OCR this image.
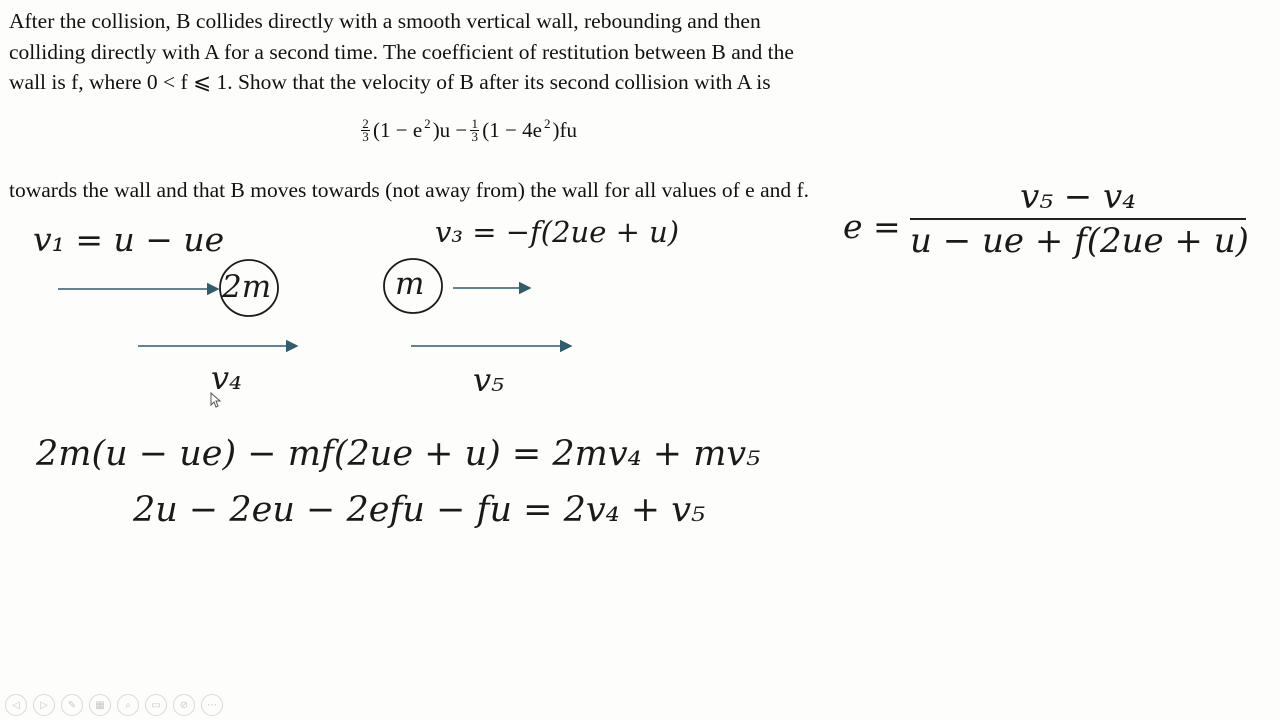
After the collision, B collides directly with a smooth vertical wall, rebounding and then

colliding directly with A for a second time. The coefficient of restitution between B and the

wall is f, where 0 < f ⩽ 1. Show that the velocity of B after its second collision with A is

$\frac{2}{3} (1 - e$ 2 )$u - \frac{1}{3} (1 - 4e$ 2 )fu
towards the wall and that B moves towards (not away from) the wall for all values of e and f.
v₁ = u − ue	v₃ = −f(2ue + u)
2m	m
v₄	v₅
e =
v₅ − v₄
u − ue + f(2ue + u)
2m(u − ue) − mf(2ue + u) = 2mv₄ + mv₅
2u − 2eu − 2efu − fu = 2v₄ + v₅
◁	▷	✎	▦	⌕	▭	⊘	⋯
